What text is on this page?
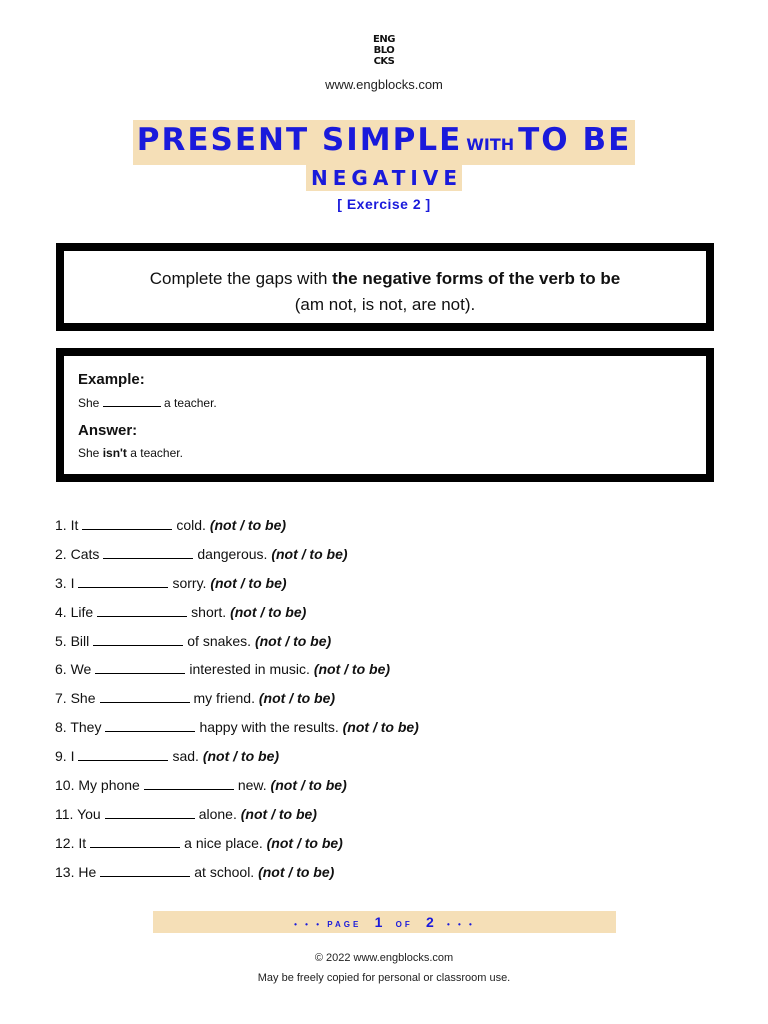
ENG
BLO
CKS
www.engblocks.com
PRESENT SIMPLE WITH TO BE
NEGATIVE
[ Exercise 2 ]
Complete the gaps with the negative forms of the verb to be
(am not, is not, are not).

Example:

She	a teacher.

Answer:

She isn't a teacher.

1. It	cold. (not / to be)
2. Cats	dangerous. (not / to be)
3. I	sorry. (not / to be)
4. Life	short. (not / to be)
5. Bill	of snakes. (not / to be)
6. We	interested in music. (not / to be)
7. She	my friend. (not / to be)
8. They	happy with the results. (not / to be)
9. I	sad. (not / to be)
10. My phone	new. (not / to be)
11. You	alone. (not / to be)
12. It	a nice place. (not / to be)
13. He	at school. (not / to be)
• • • PAGE 1 OF 2 • • •
© 2022 www.engblocks.com
May be freely copied for personal or classroom use.
